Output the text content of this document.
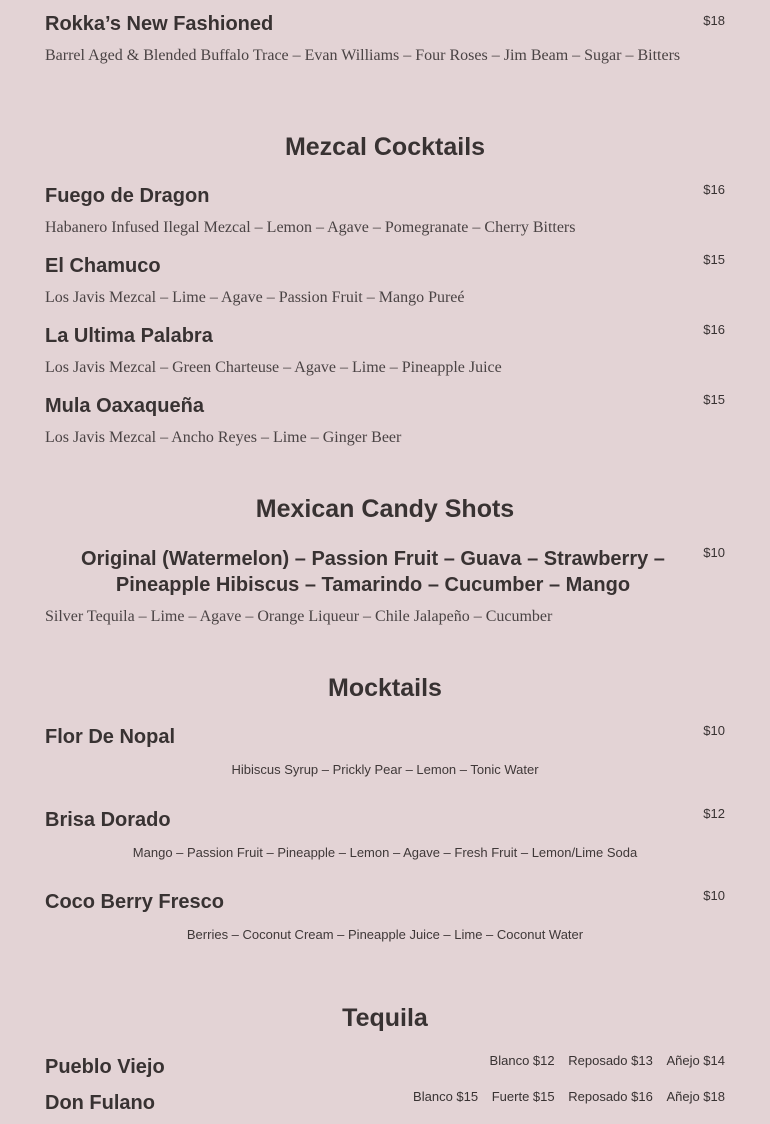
Rokka’s New Fashioned	$18
Barrel Aged & Blended Buffalo Trace – Evan Williams – Four Roses – Jim Beam – Sugar – Bitters
Mezcal Cocktails
Fuego de Dragon	$16
Habanero Infused Ilegal Mezcal – Lemon – Agave – Pomegranate – Cherry Bitters
El Chamuco	$15
Los Javis Mezcal – Lime – Agave – Passion Fruit – Mango Pureé
La Ultima Palabra	$16
Los Javis Mezcal – Green Charteuse – Agave – Lime – Pineapple Juice
Mula Oaxaqueña	$15
Los Javis Mezcal – Ancho Reyes – Lime – Ginger Beer
Mexican Candy Shots
Original (Watermelon) – Passion Fruit – Guava – Strawberry – Pineapple Hibiscus – Tamarindo – Cucumber – Mango
$10
Silver Tequila – Lime – Agave – Orange Liqueur – Chile Jalapeño – Cucumber
Mocktails
Flor De Nopal	$10
Hibiscus Syrup – Prickly Pear – Lemon – Tonic Water
Brisa Dorado	$12
Mango – Passion Fruit – Pineapple – Lemon – Agave – Fresh Fruit – Lemon/Lime Soda
Coco Berry Fresco	$10
Berries – Coconut Cream – Pineapple Juice – Lime – Coconut Water
Tequila
Pueblo Viejo	Blanco $12 Reposado $13 Añejo $14
Don Fulano	Blanco $15 Fuerte $15 Reposado $16 Añejo $18
